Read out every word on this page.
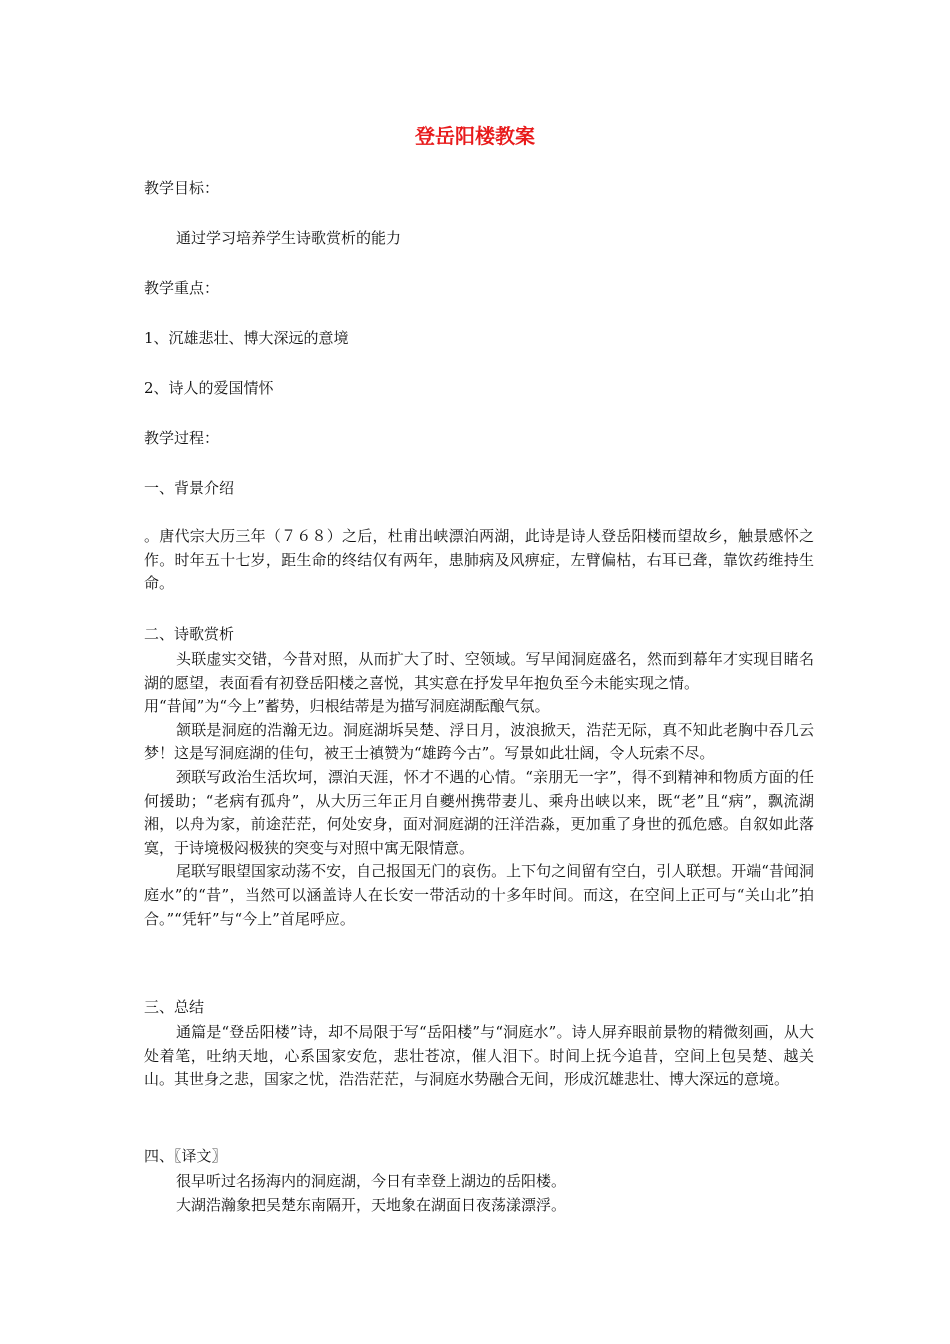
登岳阳楼教案

教学目标：

通过学习培养学生诗歌赏析的能力

教学重点：

1、沉雄悲壮、博大深远的意境

2、诗人的爱国情怀

教学过程：

一、背景介绍

。唐代宗大历三年（７６８）之后，杜甫出峡漂泊两湖，此诗是诗人登岳阳楼而望故乡，触景感怀之作。时年五十七岁，距生命的终结仅有两年，患肺病及风痹症，左臂偏枯，右耳已聋，靠饮药维持生命。

二、诗歌赏析

头联虚实交错，今昔对照，从而扩大了时、空领域。写早闻洞庭盛名，然而到幕年才实现目睹名湖的愿望，表面看有初登岳阳楼之喜悦，其实意在抒发早年抱负至今未能实现之情。
用“昔闻”为“今上”蓄势，归根结蒂是为描写洞庭湖酝酿气氛。
颔联是洞庭的浩瀚无边。洞庭湖坼吴楚、浮日月，波浪掀天，浩茫无际，真不知此老胸中吞几云梦！这是写洞庭湖的佳句，被王士禛赞为“雄跨今古”。写景如此壮阔，令人玩索不尽。
颈联写政治生活坎坷，漂泊天涯，怀才不遇的心情。“亲朋无一字”，得不到精神和物质方面的任何援助；“老病有孤舟”，从大历三年正月自夔州携带妻儿、乘舟出峡以来，既“老”且“病”，飘流湖湘，以舟为家，前途茫茫，何处安身，面对洞庭湖的汪洋浩淼，更加重了身世的孤危感。自叙如此落寞，于诗境极闷极狭的突变与对照中寓无限情意。
尾联写眼望国家动荡不安，自己报国无门的哀伤。上下句之间留有空白，引人联想。开端“昔闻洞庭水”的“昔”，当然可以涵盖诗人在长安一带活动的十多年时间。而这，在空间上正可与“关山北”拍合。”“凭轩”与“今上”首尾呼应。

三、总结

通篇是“登岳阳楼”诗，却不局限于写“岳阳楼”与“洞庭水”。诗人屏弃眼前景物的精微刻画，从大处着笔，吐纳天地，心系国家安危，悲壮苍凉，催人泪下。时间上抚今追昔，空间上包吴楚、越关山。其世身之悲，国家之忧，浩浩茫茫，与洞庭水势融合无间，形成沉雄悲壮、博大深远的意境。

四、〖译文〗

很早听过名扬海内的洞庭湖，今日有幸登上湖边的岳阳楼。
大湖浩瀚象把吴楚东南隔开，天地象在湖面日夜荡漾漂浮。
